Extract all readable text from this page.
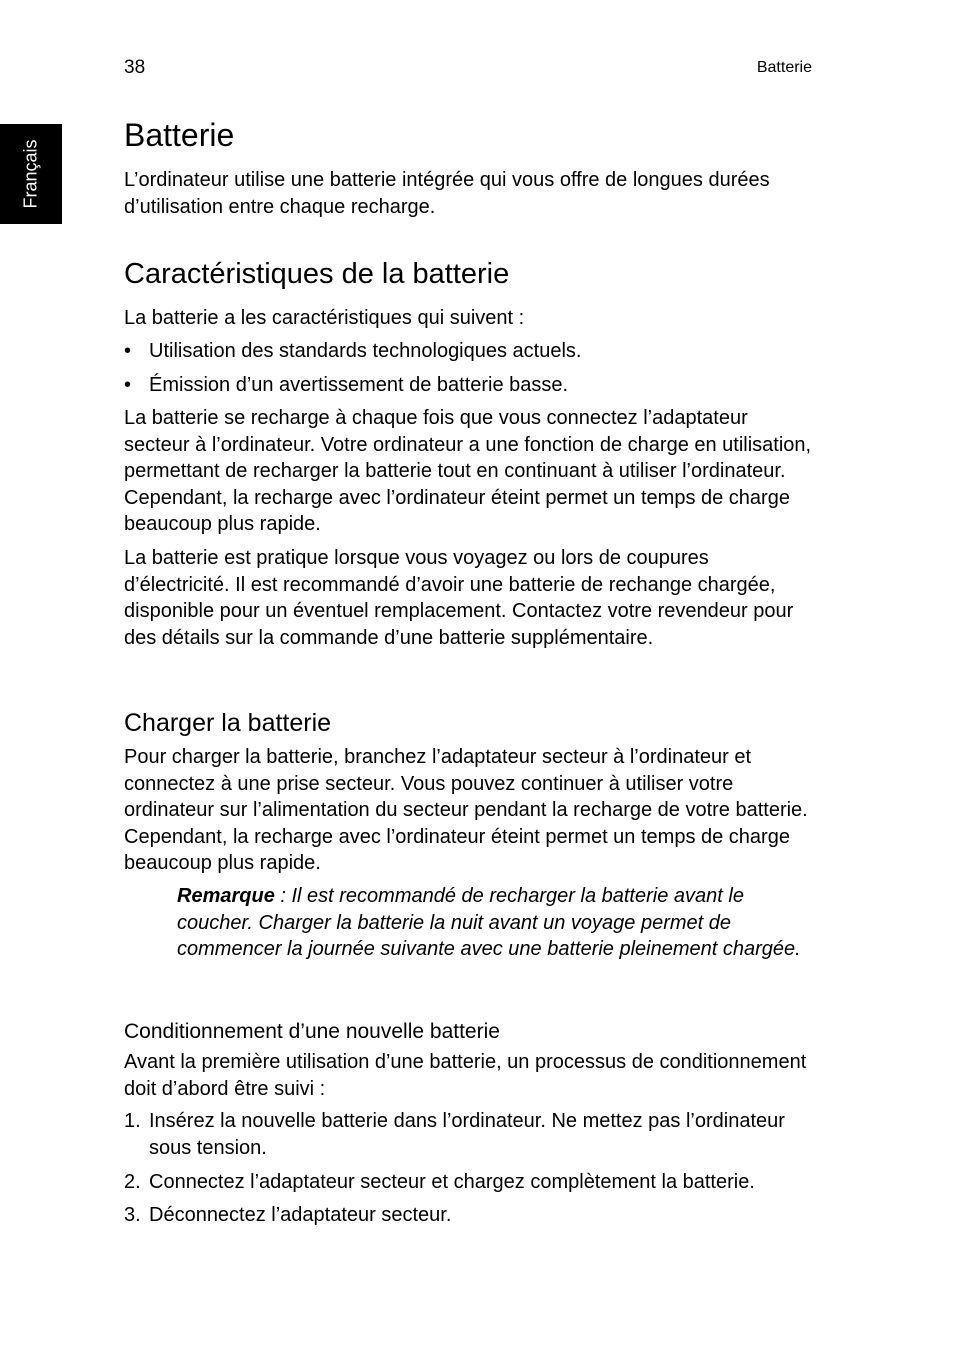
38	Batterie
Français
Batterie

L’ordinateur utilise une batterie intégrée qui vous offre de longues durées d’utilisation entre chaque recharge.

Caractéristiques de la batterie

La batterie a les caractéristiques qui suivent :

• Utilisation des standards technologiques actuels.
• Émission d’un avertissement de batterie basse.

La batterie se recharge à chaque fois que vous connectez l’adaptateur secteur à l’ordinateur. Votre ordinateur a une fonction de charge en utilisation, permettant de recharger la batterie tout en continuant à utiliser l’ordinateur. Cependant, la recharge avec l’ordinateur éteint permet un temps de charge beaucoup plus rapide.

La batterie est pratique lorsque vous voyagez ou lors de coupures d’électricité. Il est recommandé d’avoir une batterie de rechange chargée, disponible pour un éventuel remplacement. Contactez votre revendeur pour des détails sur la commande d’une batterie supplémentaire.

Charger la batterie

Pour charger la batterie, branchez l’adaptateur secteur à l’ordinateur et connectez à une prise secteur. Vous pouvez continuer à utiliser votre ordinateur sur l’alimentation du secteur pendant la recharge de votre batterie. Cependant, la recharge avec l’ordinateur éteint permet un temps de charge beaucoup plus rapide.

Remarque : Il est recommandé de recharger la batterie avant le coucher. Charger la batterie la nuit avant un voyage permet de commencer la journée suivante avec une batterie pleinement chargée.
Conditionnement d’une nouvelle batterie

Avant la première utilisation d’une batterie, un processus de conditionnement doit d’abord être suivi :

1. Insérez la nouvelle batterie dans l’ordinateur. Ne mettez pas l’ordinateur sous tension.
2. Connectez l’adaptateur secteur et chargez complètement la batterie.
3. Déconnectez l’adaptateur secteur.
